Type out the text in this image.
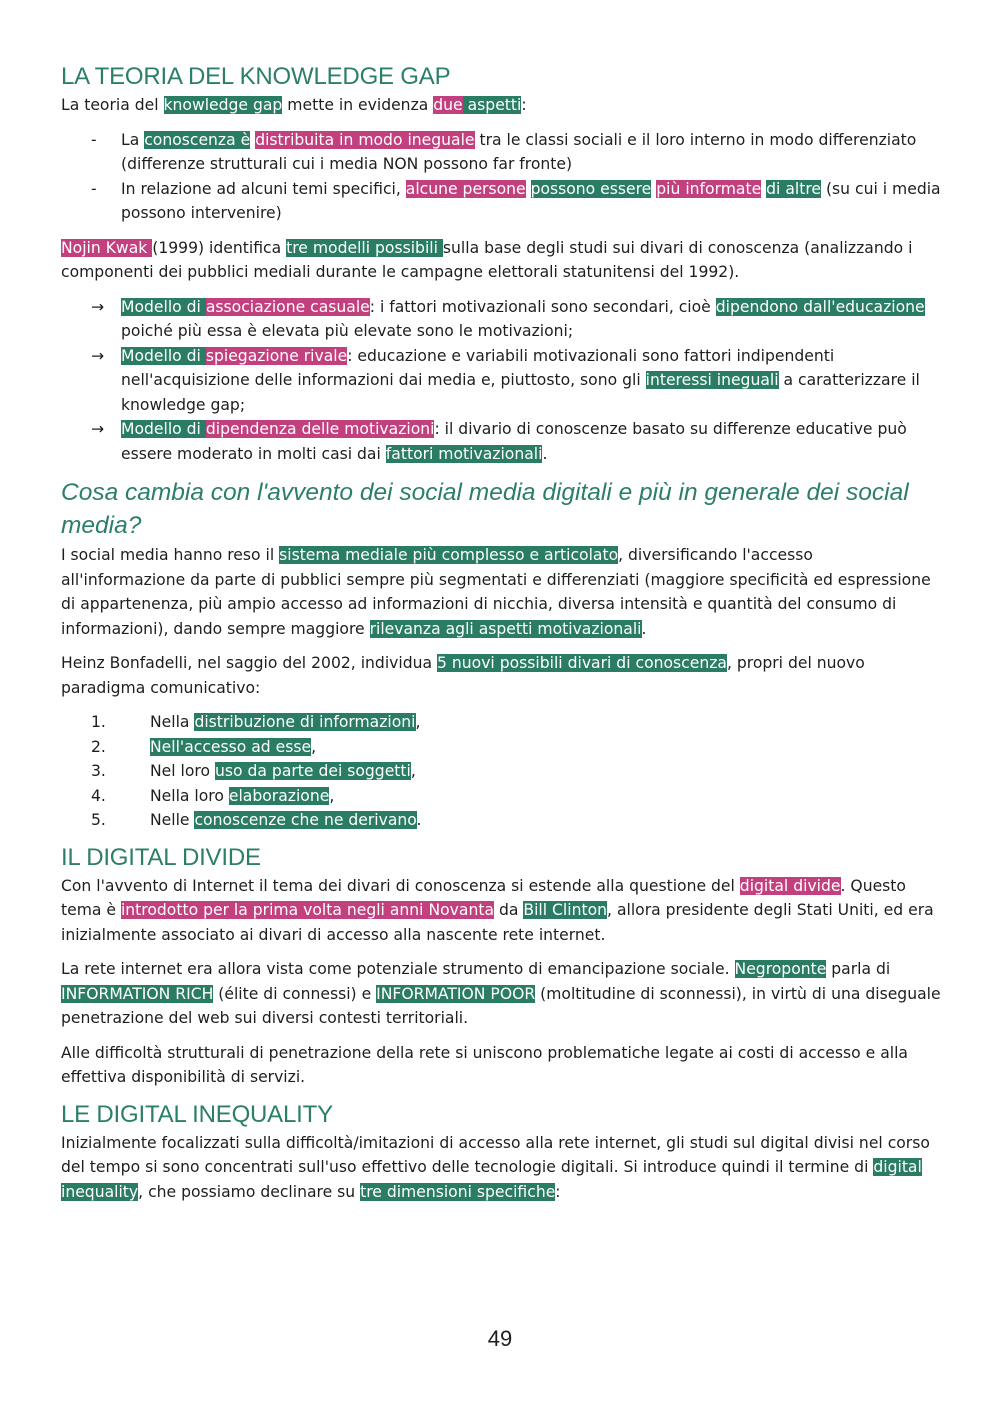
LA TEORIA DEL KNOWLEDGE GAP

La teoria del knowledge gap mette in evidenza due aspetti:

- La conoscenza è distribuita in modo ineguale tra le classi sociali e il loro interno in modo differenziato (differenze strutturali cui i media NON possono far fronte)
- In relazione ad alcuni temi specifici, alcune persone possono essere più informate di altre (su cui i media possono intervenire)

Nojin Kwak (1999) identifica tre modelli possibili sulla base degli studi sui divari di conoscenza (analizzando i componenti dei pubblici mediali durante le campagne elettorali statunitensi del 1992).

→ Modello di associazione casuale: i fattori motivazionali sono secondari, cioè dipendono dall'educazione poiché più essa è elevata più elevate sono le motivazioni;
→ Modello di spiegazione rivale: educazione e variabili motivazionali sono fattori indipendenti nell'acquisizione delle informazioni dai media e, piuttosto, sono gli interessi ineguali a caratterizzare il knowledge gap;
→ Modello di dipendenza delle motivazioni: il divario di conoscenze basato su differenze educative può essere moderato in molti casi dai fattori motivazionali.
Cosa cambia con l'avvento dei social media digitali e più in generale dei social media?

I social media hanno reso il sistema mediale più complesso e articolato, diversificando l'accesso all'informazione da parte di pubblici sempre più segmentati e differenziati (maggiore specificità ed espressione di appartenenza, più ampio accesso ad informazioni di nicchia, diversa intensità e quantità del consumo di informazioni), dando sempre maggiore rilevanza agli aspetti motivazionali.

Heinz Bonfadelli, nel saggio del 2002, individua 5 nuovi possibili divari di conoscenza, propri del nuovo paradigma comunicativo:

1.	Nella distribuzione di informazioni,
2.	Nell'accesso ad esse,
3.	Nel loro uso da parte dei soggetti,
4.	Nella loro elaborazione,
5.	Nelle conoscenze che ne derivano.
IL DIGITAL DIVIDE

Con l'avvento di Internet il tema dei divari di conoscenza si estende alla questione del digital divide. Questo tema è introdotto per la prima volta negli anni Novanta da Bill Clinton, allora presidente degli Stati Uniti, ed era inizialmente associato ai divari di accesso alla nascente rete internet.

La rete internet era allora vista come potenziale strumento di emancipazione sociale. Negroponte parla di INFORMATION RICH (élite di connessi) e INFORMATION POOR (moltitudine di sconnessi), in virtù di una diseguale penetrazione del web sui diversi contesti territoriali.

Alle difficoltà strutturali di penetrazione della rete si uniscono problematiche legate ai costi di accesso e alla effettiva disponibilità di servizi.

LE DIGITAL INEQUALITY

Inizialmente focalizzati sulla difficoltà/imitazioni di accesso alla rete internet, gli studi sul digital divisi nel corso del tempo si sono concentrati sull'uso effettivo delle tecnologie digitali. Si introduce quindi il termine di digital inequality, che possiamo declinare su tre dimensioni specifiche:

49
